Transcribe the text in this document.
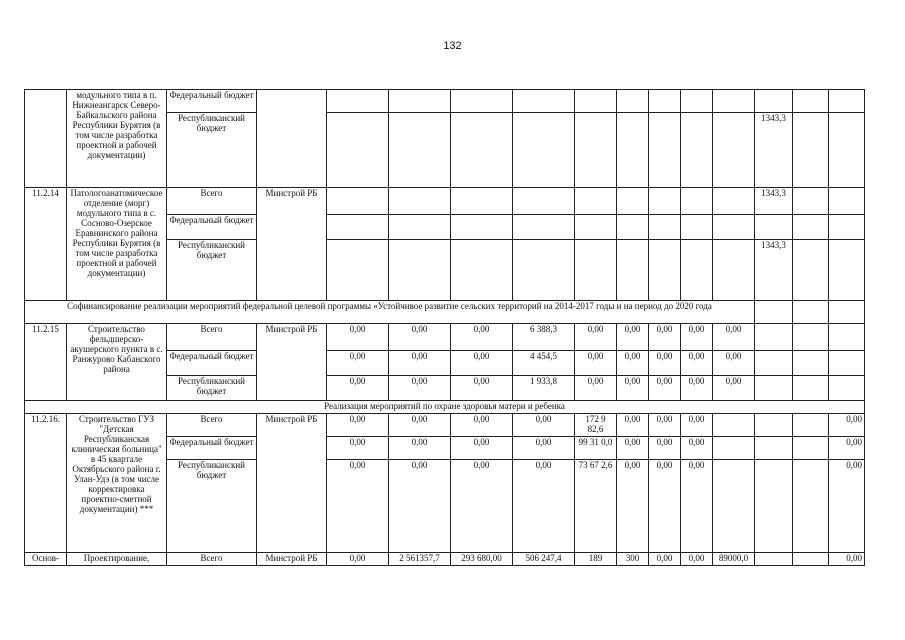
132
	модульного типа в п. Нижнеангарск Северо-Байкальского района Республики Бурятия (в том числе разработка проектной и рабочей документации)	Федеральный бюджет													
		Республиканский бюджет											1343,3		
11.2.14	Патологоанатомическое отделение (морг) модульного типа в с. Сосново-Озерское Еравнинского района Республики Бурятия (в том числе разработка проектной и рабочей документации)	Всего	Минстрой РБ										1343,3		
		Федеральный бюджет													
		Республиканский бюджет											1343,3		
Софинансирование реализации мероприятий федеральной целевой программы «Устойчивое развитие сельских территорий на 2014-2017 годы и на период до 2020 года															
11.2.15	Строительство фельдшерско-акушерского пункта в с. Ранжурово Кабанского района	Всего	Минстрой РБ	0,00	0,00	0,00	6 388,3	0,00	0,00	0,00	0,00	0,00			
		Федеральный бюджет		0,00	0,00	0,00	4 454,5	0,00	0,00	0,00	0,00	0,00			
		Республиканский бюджет		0,00	0,00	0,00	1 933,8	0,00	0,00	0,00	0,00	0,00			
Реализация мероприятий по охране здоровья матери и ребенка															
11.2.16.	Строительство ГУЗ "Детская Республиканская клиническая больница" в 45 квартале Октябрьского района г. Улан-Удэ (в том числе корректировка проектно-сметной документации) ***	Всего	Минстрой РБ	0,00	0,00	0,00	0,00	172 9 82,6	0,00	0,00	0,00				0,00
		Федеральный бюджет		0,00	0,00	0,00	0,00	99 31 0,0	0,00	0,00	0,00				0,00
		Республиканский бюджет		0,00	0,00	0,00	0,00	73 67 2,6	0,00	0,00	0,00				0,00
Основ-	Проектирование,	Всего	Минстрой РБ	0,00	2 561357,7	293 680,00	506 247,4	189	300	0,00	0,00	89000,0			0,00
